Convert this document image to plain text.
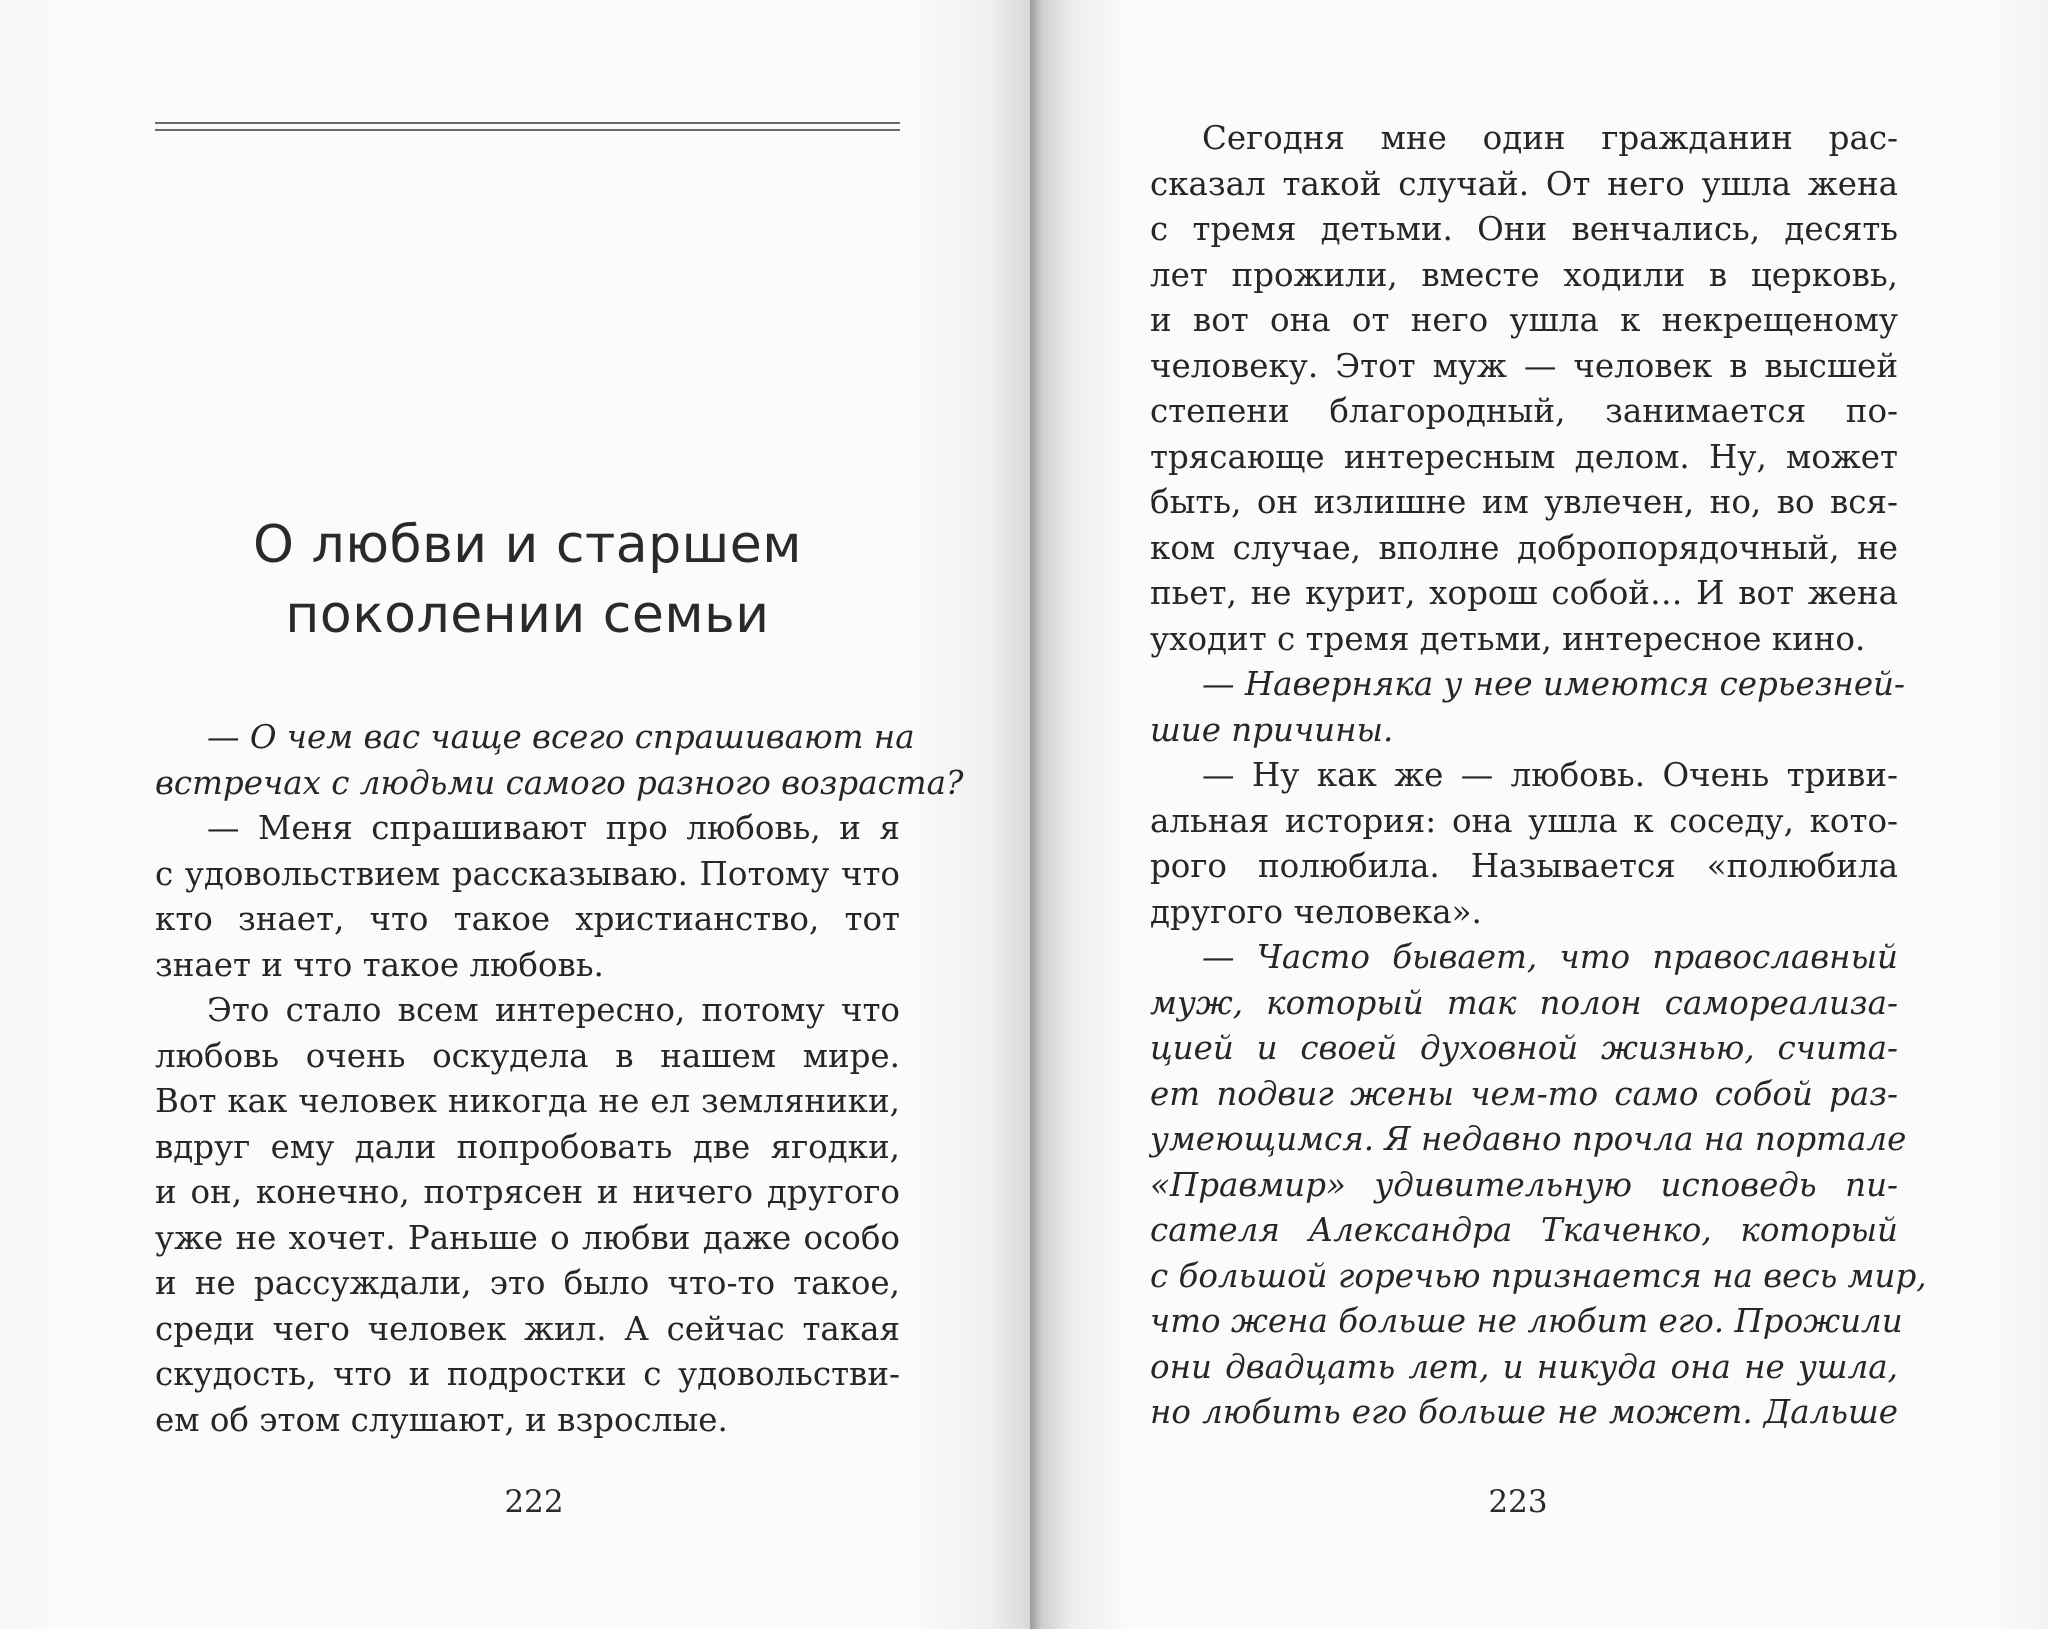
О любви и старшем
поколении семьи
— О чем вас чаще всего спрашивают на
встречах с людьми самого разного возраста?
— Меня спрашивают про любовь, и я
с удовольствием рассказываю. Потому что
кто знает, что такое христианство, тот
знает и что такое любовь.
Это стало всем интересно, потому что
любовь очень оскудела в нашем мире.
Вот как человек никогда не ел земляники,
вдруг ему дали попробовать две ягодки,
и он, конечно, потрясен и ничего другого
уже не хочет. Раньше о любви даже особо
и не рассуждали, это было что-то такое,
среди чего человек жил. А сейчас такая
скудость, что и подростки с удовольстви-
ем об этом слушают, и взрослые.
222	223
Сегодня мне один гражданин рас-
сказал такой случай. От него ушла жена
с тремя детьми. Они венчались, десять
лет прожили, вместе ходили в церковь,
и вот она от него ушла к некрещеному
человеку. Этот муж — человек в высшей
степени благородный, занимается по-
трясающе интересным делом. Ну, может
быть, он излишне им увлечен, но, во вся-
ком случае, вполне добропорядочный, не
пьет, не курит, хорош собой… И вот жена
уходит с тремя детьми, интересное кино.
— Наверняка у нее имеются серьезней-
шие причины.
— Ну как же — любовь. Очень триви-
альная история: она ушла к соседу, кото-
рого полюбила. Называется «полюбила
другого человека».
— Часто бывает, что православный
муж, который так полон самореализа-
цией и своей духовной жизнью, счита-
ет подвиг жены чем-то само собой раз-
умеющимся. Я недавно прочла на портале
«Правмир» удивительную исповедь пи-
сателя Александра Ткаченко, который
с большой горечью признается на весь мир,
что жена больше не любит его. Прожили
они двадцать лет, и никуда она не ушла,
но любить его больше не может. Дальше
